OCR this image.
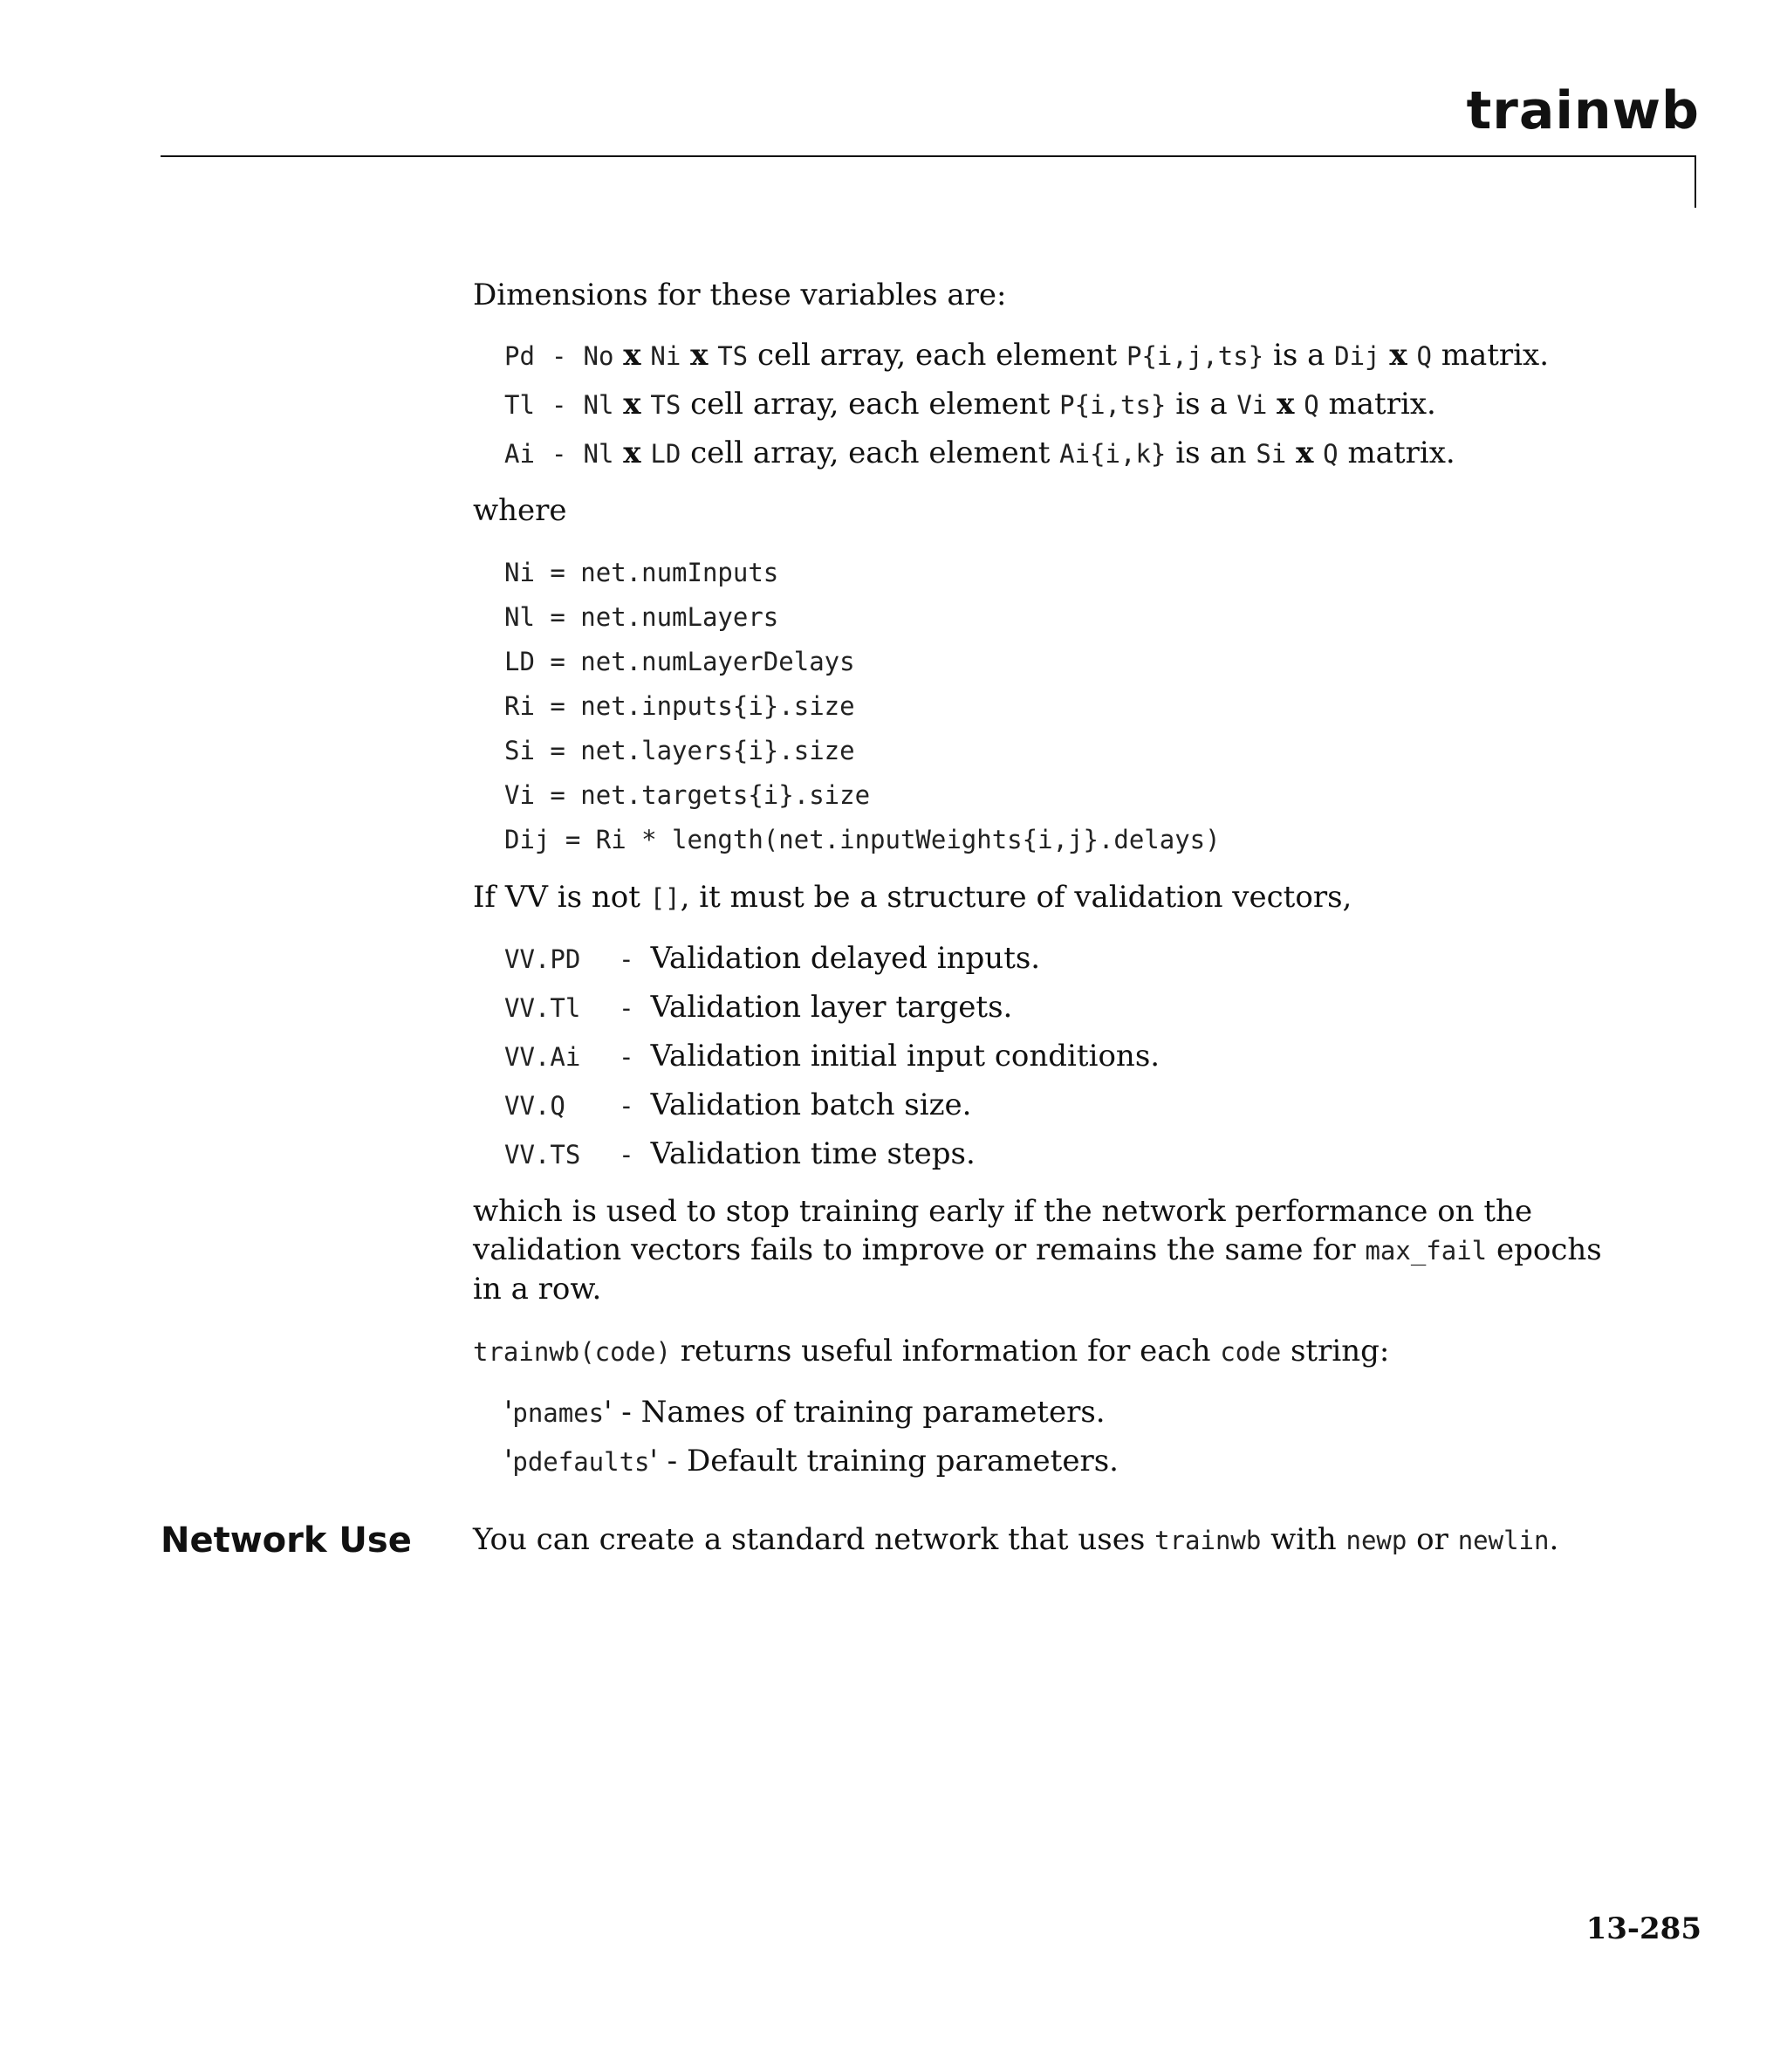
trainwb
Dimensions for these variables are:
Pd - No x Ni x TS cell array, each element P{i,j,ts} is a Dij x Q matrix.
Tl - Nl x TS cell array, each element P{i,ts} is a Vi x Q matrix.
Ai - Nl x LD cell array, each element Ai{i,k} is an Si x Q matrix.
where
Ni = net.numInputs
Nl = net.numLayers
LD = net.numLayerDelays
Ri = net.inputs{i}.size
Si = net.layers{i}.size
Vi = net.targets{i}.size
Dij = Ri * length(net.inputWeights{i,j}.delays)
If VV is not [], it must be a structure of validation vectors,
VV.PD - Validation delayed inputs.
VV.Tl - Validation layer targets.
VV.Ai - Validation initial input conditions.
VV.Q - Validation batch size.
VV.TS - Validation time steps.
which is used to stop training early if the network performance on the validation vectors fails to improve or remains the same for max_fail epochs in a row.
trainwb(code) returns useful information for each code string:
'pnames' - Names of training parameters.
'pdefaults' - Default training parameters.
You can create a standard network that uses trainwb with newp or newlin.
Network Use
13-285
